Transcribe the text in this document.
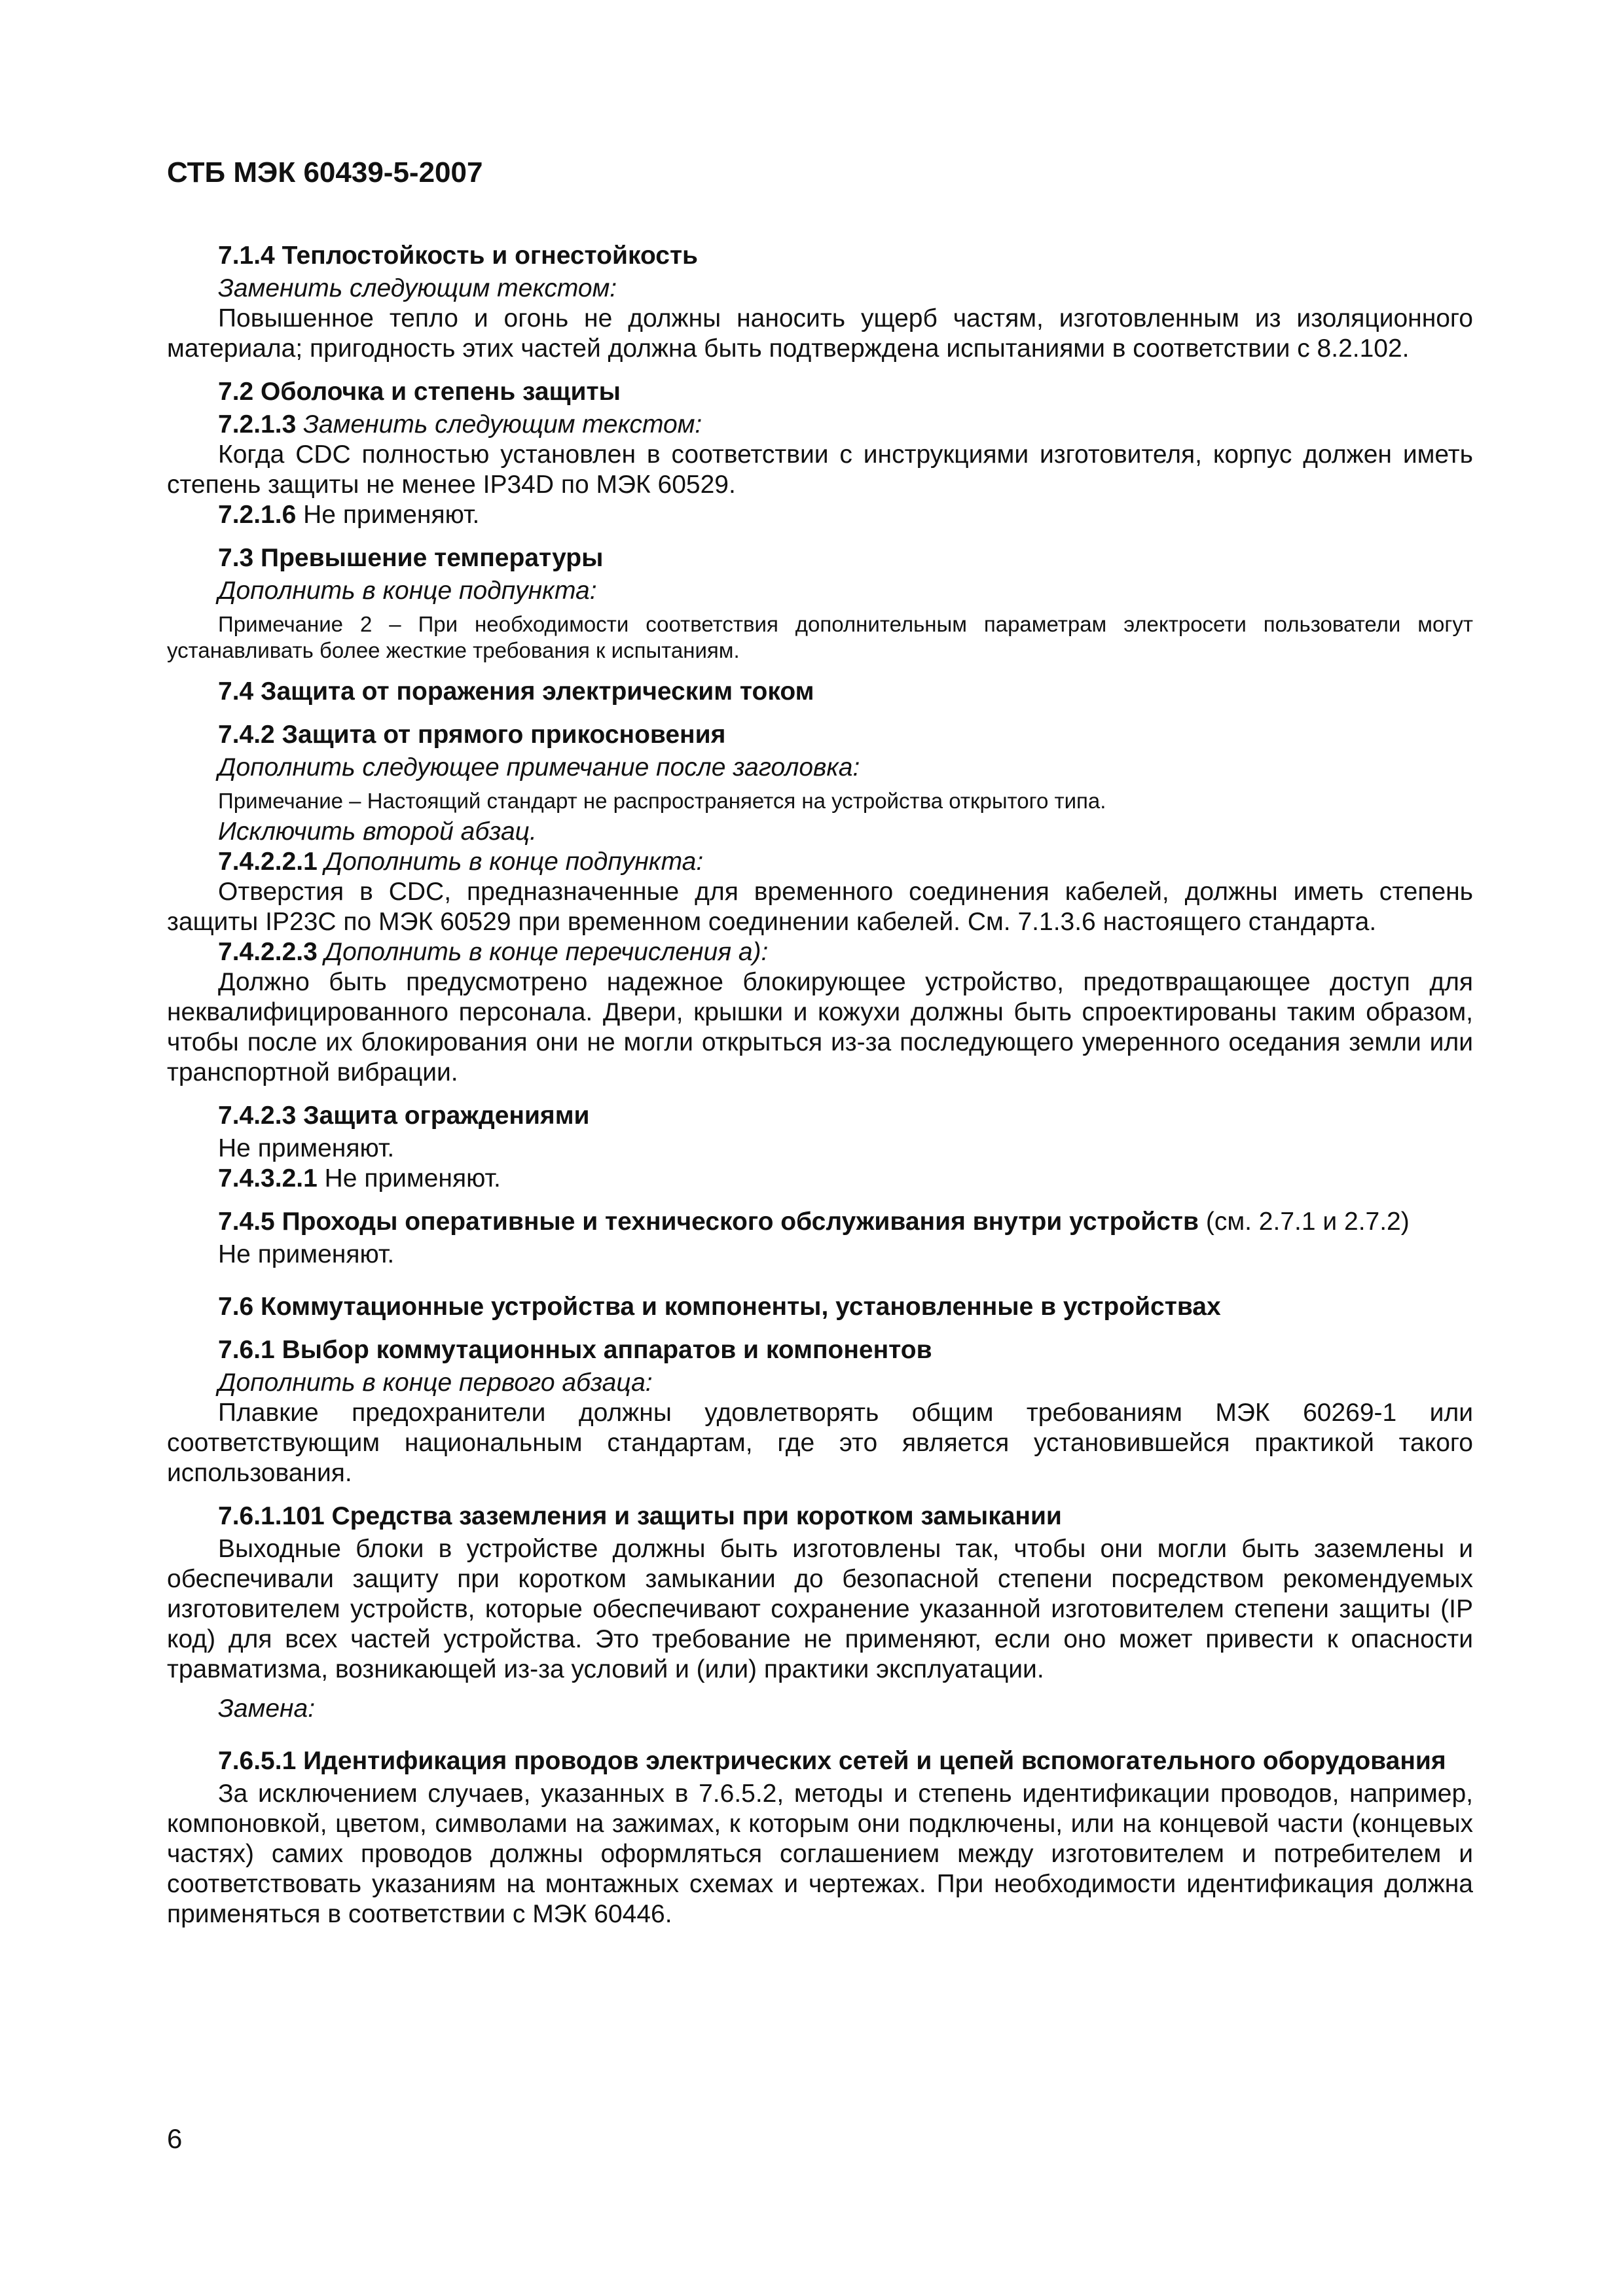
СТБ МЭК 60439-5-2007
7.1.4 Теплостойкость и огнестойкость
Заменить следующим текстом:

Повышенное тепло и огонь не должны наносить ущерб частям, изготовленным из изоляционного материала; пригодность этих частей должна быть подтверждена испытаниями в соответствии с 8.2.102.

7.2 Оболочка и степень защиты
7.2.1.3 Заменить следующим текстом:

Когда CDC полностью установлен в соответствии с инструкциями изготовителя, корпус должен иметь степень защиты не менее IP34D по МЭК 60529.

7.2.1.6 Не применяют.
7.3 Превышение температуры
Дополнить в конце подпункта:

Примечание 2 – При необходимости соответствия дополнительным параметрам электросети пользователи могут устанавливать более жесткие требования к испытаниям.

7.4 Защита от поражения электрическим током
7.4.2 Защита от прямого прикосновения
Дополнить следующее примечание после заголовка:

Примечание – Настоящий стандарт не распространяется на устройства открытого типа.

Исключить второй абзац.
7.4.2.2.1 Дополнить в конце подпункта:

Отверстия в CDC, предназначенные для временного соединения кабелей, должны иметь степень защиты IP23C по МЭК 60529 при временном соединении кабелей. См. 7.1.3.6 настоящего стандарта.

7.4.2.2.3 Дополнить в конце перечисления а):

Должно быть предусмотрено надежное блокирующее устройство, предотвращающее доступ для неквалифицированного персонала. Двери, крышки и кожухи должны быть спроектированы таким образом, чтобы после их блокирования они не могли открыться из-за последующего умеренного оседания земли или транспортной вибрации.

7.4.2.3 Защита ограждениями
Не применяют.
7.4.3.2.1 Не применяют.
7.4.5 Проходы оперативные и технического обслуживания внутри устройств (см. 2.7.1 и 2.7.2)
Не применяют.
7.6 Коммутационные устройства и компоненты, установленные в устройствах
7.6.1 Выбор коммутационных аппаратов и компонентов
Дополнить в конце первого абзаца:

Плавкие предохранители должны удовлетворять общим требованиям МЭК 60269-1 или соответствующим национальным стандартам, где это является установившейся практикой такого использования.

7.6.1.101 Средства заземления и защиты при коротком замыкании

Выходные блоки в устройстве должны быть изготовлены так, чтобы они могли быть заземлены и обеспечивали защиту при коротком замыкании до безопасной степени посредством рекомендуемых изготовителем устройств, которые обеспечивают сохранение указанной изготовителем степени защиты (IP код) для всех частей устройства. Это требование не применяют, если оно может привести к опасности травматизма, возникающей из-за условий и (или) практики эксплуатации.

Замена:
7.6.5.1 Идентификация проводов электрических сетей и цепей вспомогательного оборудования

За исключением случаев, указанных в 7.6.5.2, методы и степень идентификации проводов, например, компоновкой, цветом, символами на зажимах, к которым они подключены, или на концевой части (концевых частях) самих проводов должны оформляться соглашением между изготовителем и потребителем и соответствовать указаниям на монтажных схемах и чертежах. При необходимости идентификация должна применяться в соответствии с МЭК 60446.

6
